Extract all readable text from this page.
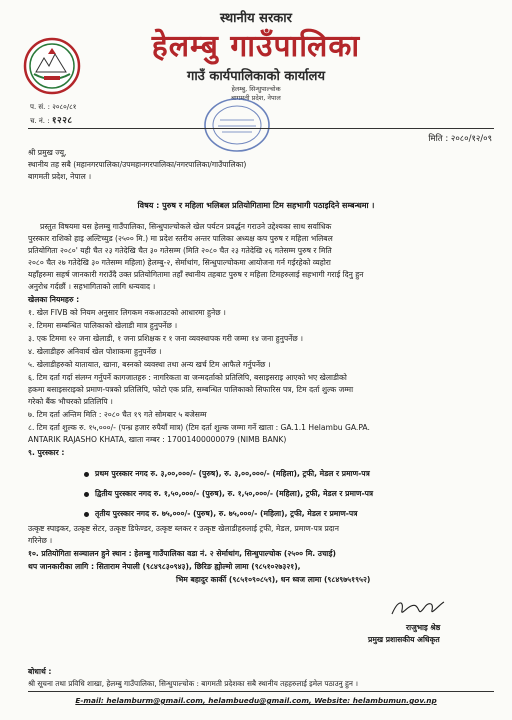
स्थानीय सरकार
हेलम्बु गाउँपालिका
गाउँ कार्यपालिकाको कार्यालय
हेलम्बु, सिन्धुपाल्चोक
बागमती प्रदेश, नेपाल
प. सं. : २०८०/८१
च. नं. : १२२८
मिति : २०८०/१२/०९
श्री प्रमुख ज्यू,
स्थानीय तह सबै (महानगरपालिका/उपमहानगरपालिका/नगरपालिका/गाउँपालिका)
बागमती प्रदेश, नेपाल ।
विषय : पुरुष र महिला भलिबल प्रतियोगितामा टिम सहभागी पठाइदिने सम्बन्धमा ।
प्रस्तुत विषयमा यस हेलम्बु गाउँपालिका, सिन्धुपाल्चोकले खेल पर्यटन प्रवर्द्धन गराउने उद्देश्यका साथ सर्वाधिक
पुरस्कार राशिको हाइ अल्टिच्युड (२५०० मि.) मा प्रदेश स्तरीय अन्तर पालिका अध्यक्ष कप पुरुष र महिला भलिबल
प्रतियोगिता २०८०' यही चैत २३ गतेदेखि चैत ३० गतेसम्म (मिति २०८० चैत २३ गतेदेखि २६ गतेसम्म पुरुष र मिति
२०८० चैत २७ गतेदेखि ३० गतेसम्म महिला) हेलम्बु-२, सेर्माथांग, सिन्धुपाल्चोकमा आयोजना गर्न गईरहेको व्यहोरा
यहाँहरुमा सहर्ष जानकारी गराउँदै उक्त प्रतियोगितामा तहाँ स्थानीय तहबाट पुरुष र महिला टिमहरुलाई सहभागी गराई दिनु हुन
अनुरोध गर्दछौं । सहभागिताको लागि धन्यवाद ।
खेलका नियमहरु :
१. खेल FIVB को नियम अनुसार लिगकम नकआउटको आधारमा हुनेछ ।
२. टिममा सम्बन्धित पालिकाको खेलाडी मात्र हुनुपर्नेछ ।
३. एक टिममा १२ जना खेलाडी, १ जना प्रशिक्षक र १ जना व्यवस्थापक गरी जम्मा १४ जना हुनुपर्नेछ ।
४. खेलाडीहरु अनिवार्य खेल पोशाकमा हुनुपर्नेछ ।
५. खेलाडीहरुको यातायात, खाना, बस्नको व्यवस्था तथा अन्य खर्च टिम आफैले गर्नुपर्नेछ ।
६. टिम दर्ता गर्दा संलग्न गर्नुपर्ने कागजातहरु : नागरिकता वा जन्मदर्ताको प्रतिलिपि, बसाइसराइ आएको भए खेलाडीको
हकमा बसाइसराइको प्रमाण-पत्रको प्रतिलिपि, फोटो एक प्रति, सम्बन्धित पालिकाको सिफारिस पत्र, टिम दर्ता शुल्क जम्मा
गरेको बैंक भौचरको प्रतिलिपि ।
७. टिम दर्ता अन्तिम मिति : २०८० चैत १९ गते सोमबार ५ बजेसम्म
८. टिम दर्ता शुल्क रु. १५,०००/- (पन्ध्र हजार रुपैयाँ मात्र) (टिम दर्ता शुल्क जम्मा गर्ने खाता : GA.1.1 Helambu GA.PA.
ANTARIK RAJASHO KHATA, खाता नम्बर : 17001400000079 (NIMB BANK)
९. पुरस्कार :
प्रथम पुरस्कार नगद रु. ३,००,०००/- (पुरुष), रु. ३,००,०००/- (महिला), ट्रफी, मेडल र प्रमाण-पत्र
द्वितीय पुरस्कार नगद रु. १,५०,०००/- (पुरुष), रु. १,५०,०००/- (महिला), ट्रफी, मेडल र प्रमाण-पत्र
तृतीय पुरस्कार नगद रु. ७५,०००/- (पुरुष), रु. ७५,०००/- (महिला), ट्रफी, मेडल र प्रमाण-पत्र
उत्कृष्ट स्पाइकर, उत्कृष्ट सेटर, उत्कृष्ट डिफेण्डर, उत्कृष्ट ब्लकर र उत्कृष्ट खेलाडीहरुलाई ट्रफी, मेडल, प्रमाण-पत्र प्रदान
गरिनेछ ।
१०. प्रतियोगिता सञ्चालन हुने स्थान : हेलम्बु गाउँपालिका वडा नं. २ सेर्माथांग, सिन्धुपाल्चोक (२५०० मि. उचाई)
थप जानकारीका लागि : सिताराम नेपाली (९८४९८३०९४३), छिरिङ ह्योल्मो लामा (९८५१०२७३२१),
भिम बहादुर कार्की (९८५१०९०८५९), धन ध्वज लामा (९८४९७५१९५२)
राजुभाइ श्रेष्ठ
प्रमुख प्रशासकीय अधिकृत
बोधार्थ :
श्री सूचना तथा प्रविधि शाखा, हेलम्बु गाउँपालिका, सिन्धुपाल्चोक : बागमती प्रदेशका सबै स्थानीय तहहरुलाई इमेल पठाउनु हुन ।
E-mail: helamburm@gmail.com, helambuedu@gmail.com, Website: helambumun.gov.np
